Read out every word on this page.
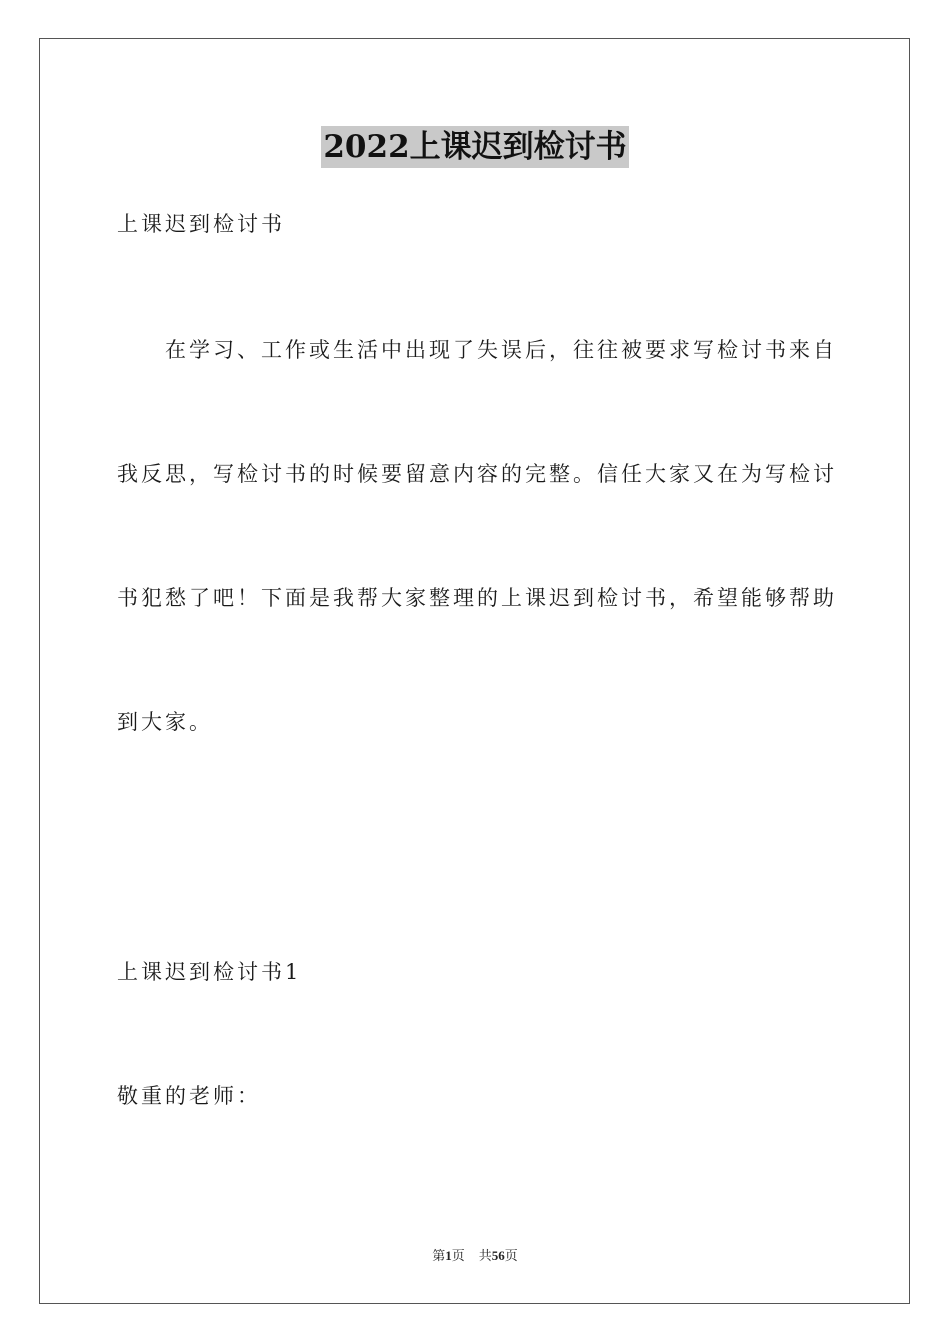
2022上课迟到检讨书
上课迟到检讨书
在学习、工作或生活中出现了失误后，往往被要求写检讨书来自
我反思，写检讨书的时候要留意内容的完整。信任大家又在为写检讨
书犯愁了吧！下面是我帮大家整理的上课迟到检讨书，希望能够帮助
到大家。
上课迟到检讨书1
敬重的老师：
第1页 共56页
